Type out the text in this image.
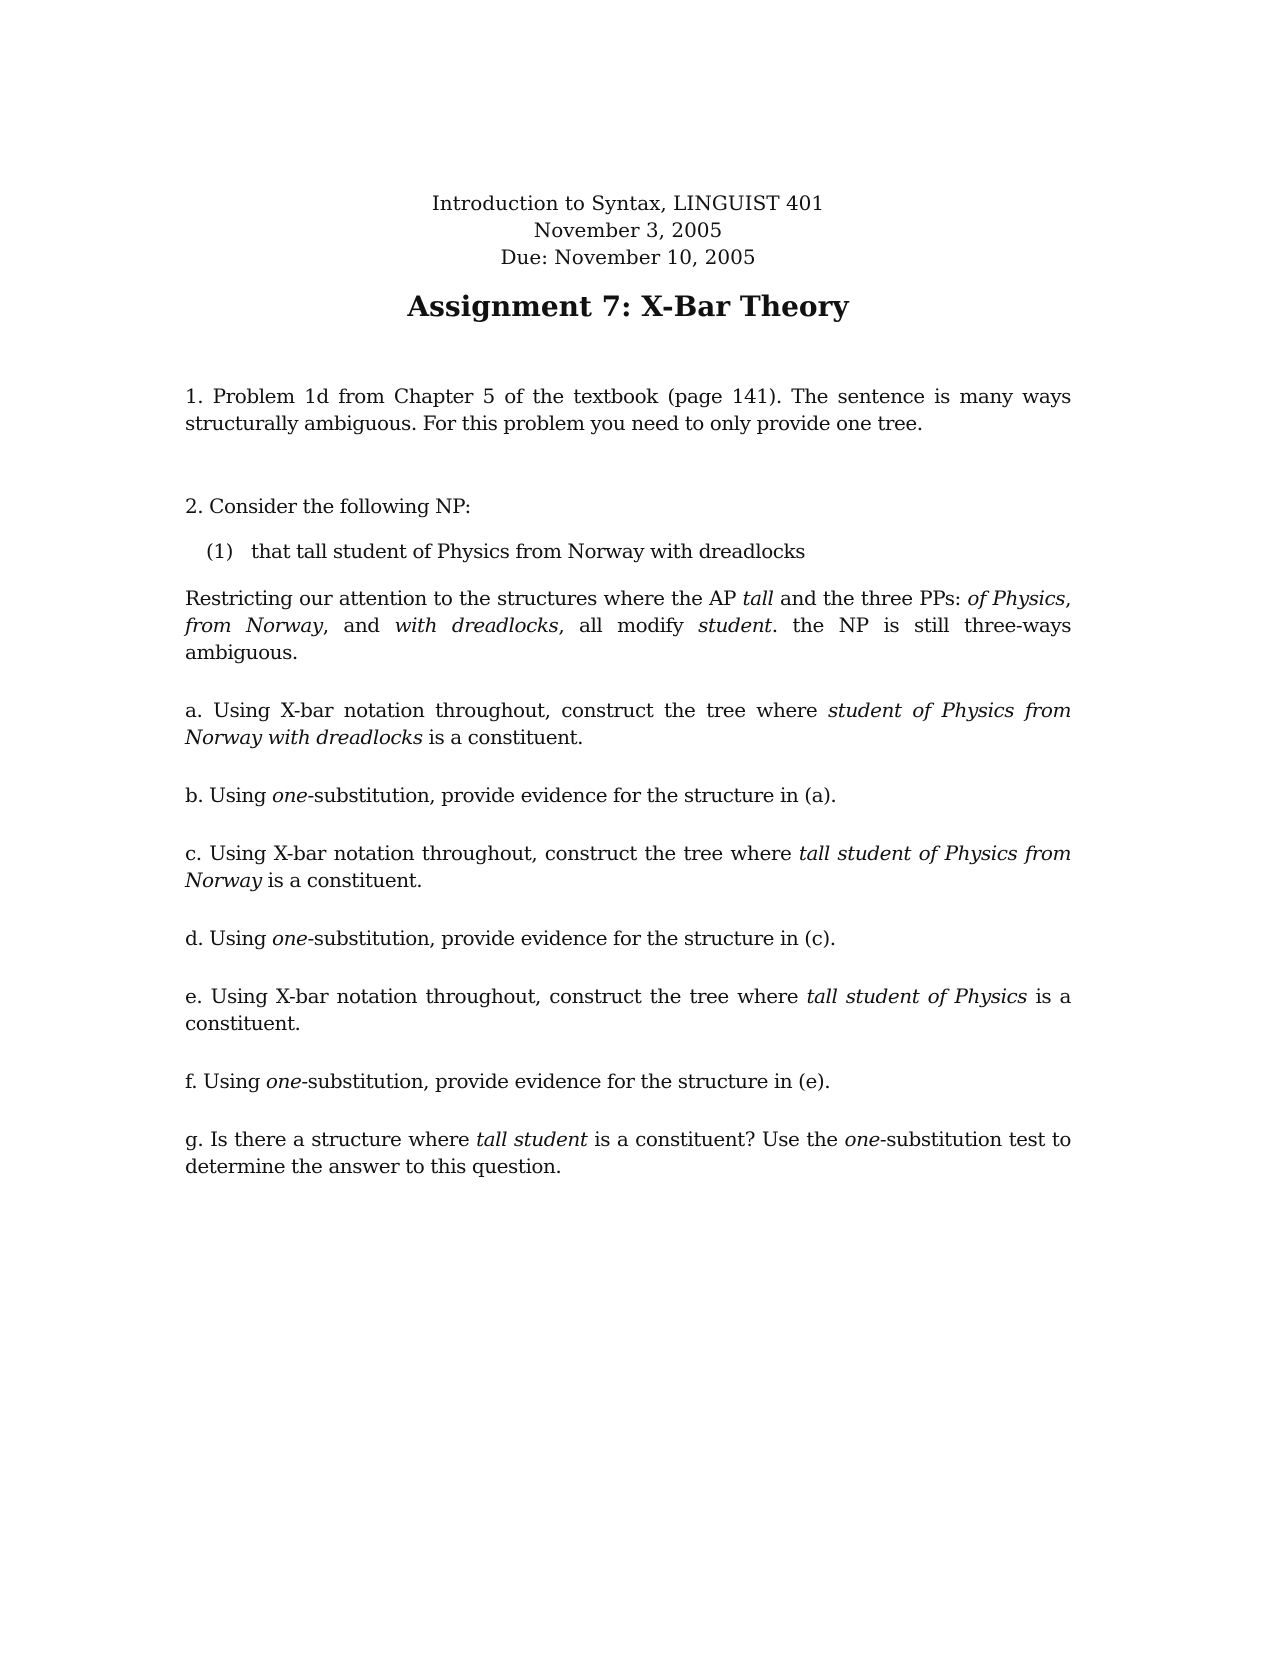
Introduction to Syntax, LINGUIST 401
November 3, 2005
Due: November 10, 2005
Assignment 7: X-Bar Theory

1. Problem 1d from Chapter 5 of the textbook (page 141). The sentence is many ways structurally ambiguous. For this problem you need to only provide one tree.

2. Consider the following NP:

(1) that tall student of Physics from Norway with dreadlocks

Restricting our attention to the structures where the AP tall and the three PPs: of Physics, from Norway, and with dreadlocks, all modify student. the NP is still three-ways ambiguous.

a. Using X-bar notation throughout, construct the tree where student of Physics from Norway with dreadlocks is a constituent.

b. Using one-substitution, provide evidence for the structure in (a).

c. Using X-bar notation throughout, construct the tree where tall student of Physics from Norway is a constituent.

d. Using one-substitution, provide evidence for the structure in (c).

e. Using X-bar notation throughout, construct the tree where tall student of Physics is a constituent.

f. Using one-substitution, provide evidence for the structure in (e).

g. Is there a structure where tall student is a constituent? Use the one-substitution test to determine the answer to this question.
